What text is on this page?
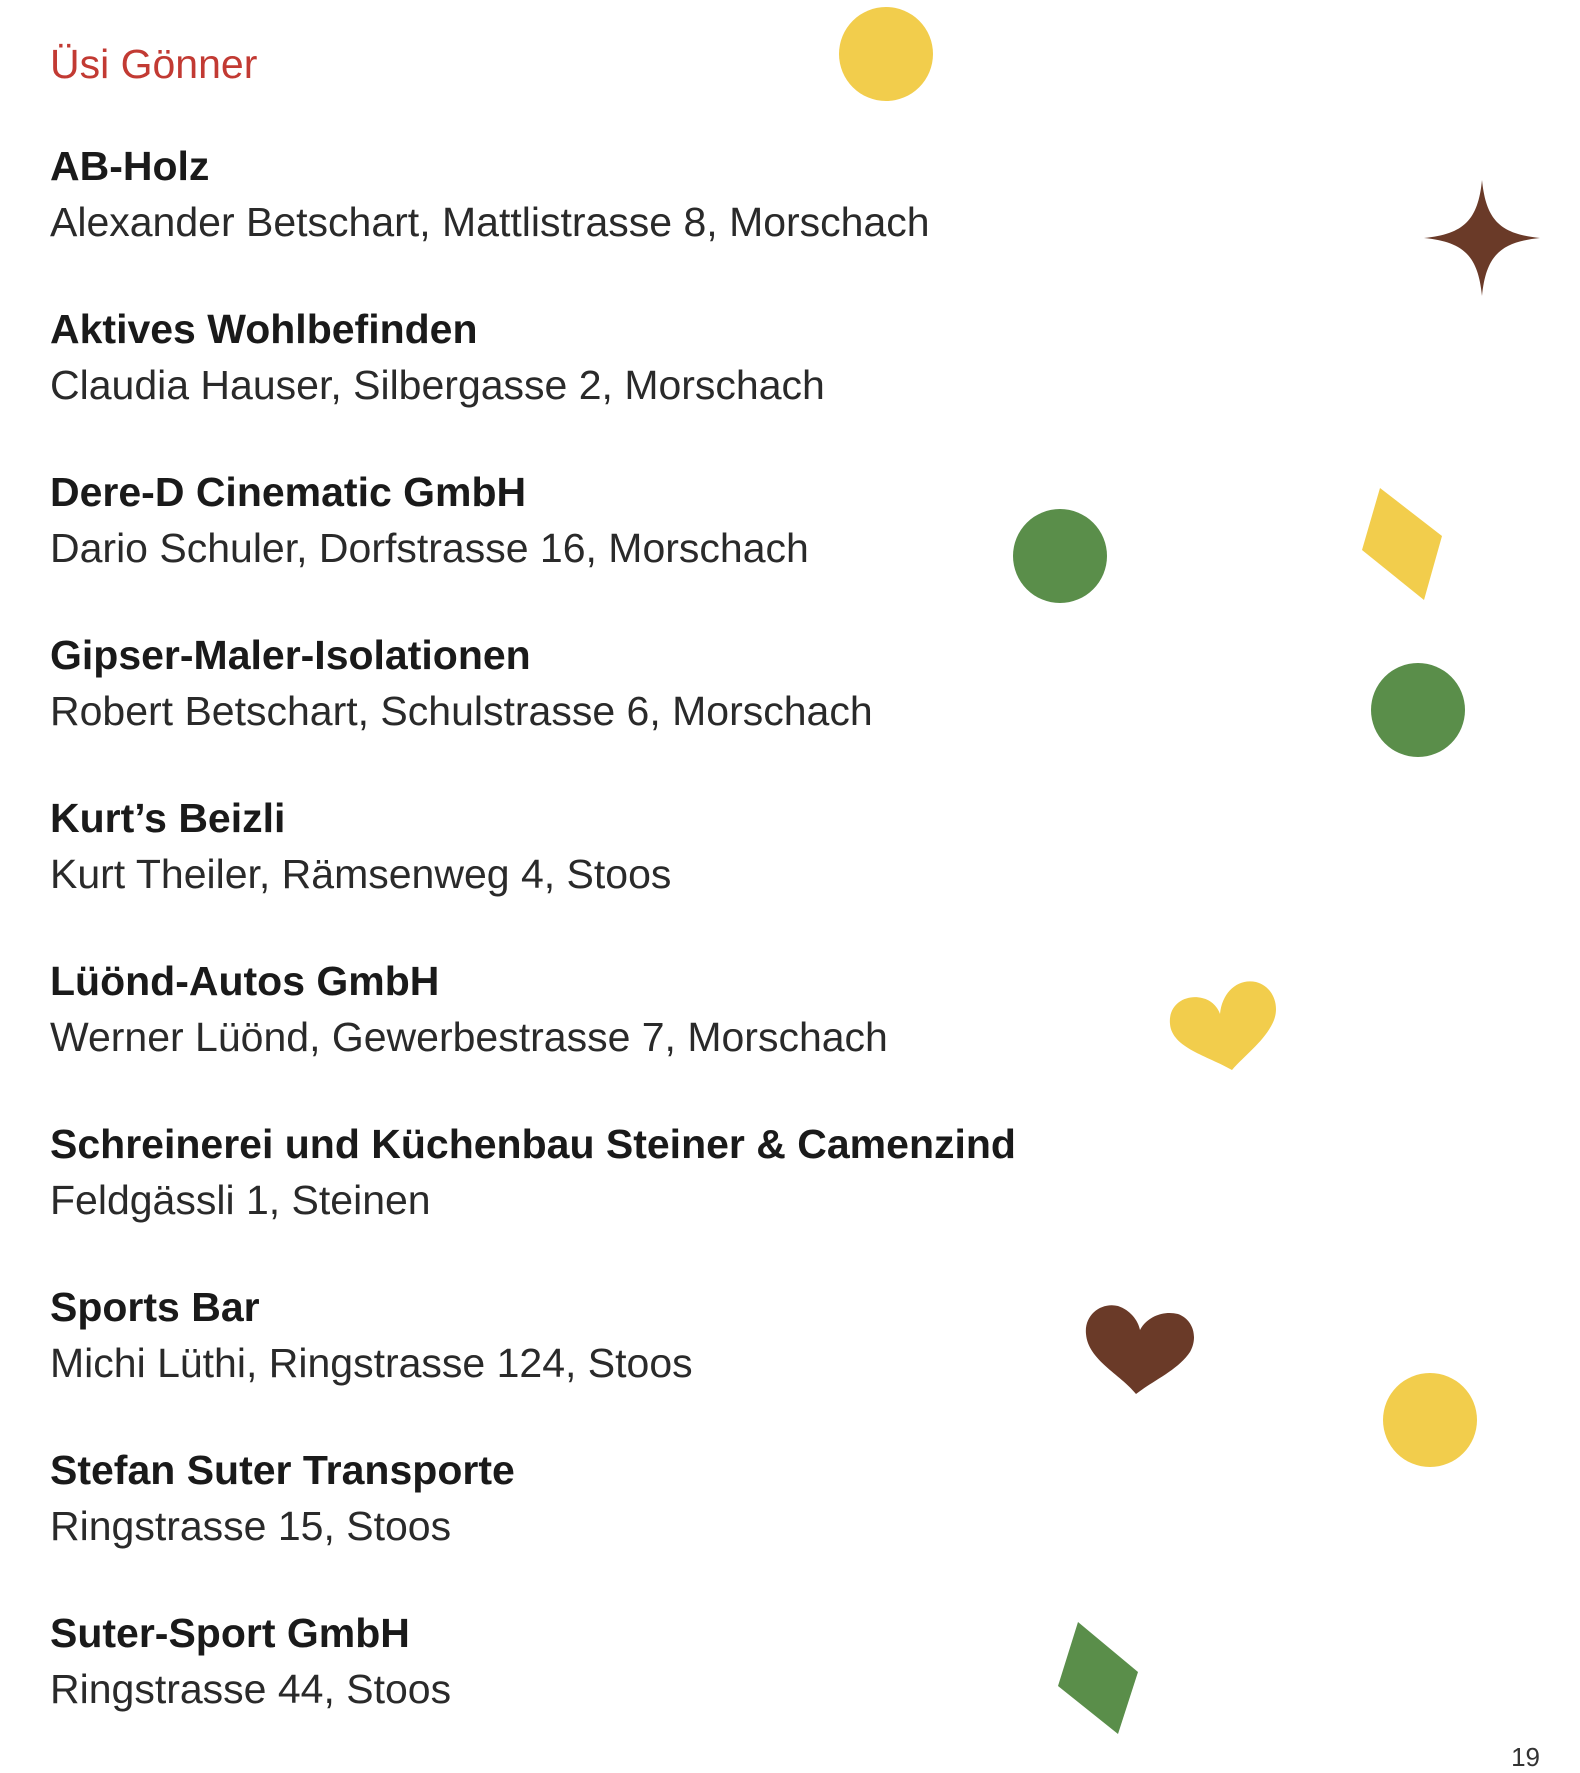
Üsi Gönner
AB-Holz
Alexander Betschart, Mattlistrasse 8, Morschach
Aktives Wohlbefinden
Claudia Hauser, Silbergasse 2, Morschach
Dere-D Cinematic GmbH
Dario Schuler, Dorfstrasse 16, Morschach
Gipser-Maler-Isolationen
Robert Betschart, Schulstrasse 6, Morschach
Kurt’s Beizli
Kurt Theiler, Rämsenweg 4, Stoos
Lüönd-Autos GmbH
Werner Lüönd, Gewerbestrasse 7, Morschach
Schreinerei und Küchenbau Steiner & Camenzind
Feldgässli 1, Steinen
Sports Bar
Michi Lüthi, Ringstrasse 124, Stoos
Stefan Suter Transporte
Ringstrasse 15, Stoos
Suter-Sport GmbH
Ringstrasse 44, Stoos
19
